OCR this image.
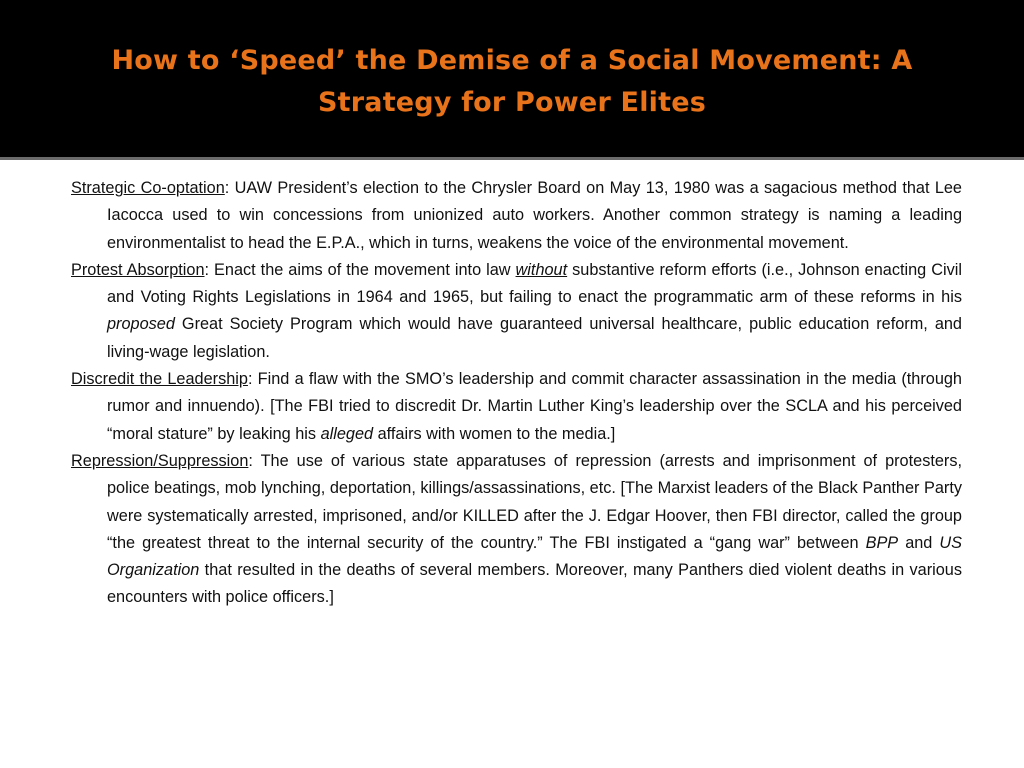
How to ‘Speed’ the Demise of a Social Movement: A Strategy for Power Elites

Strategic Co-optation: UAW President’s election to the Chrysler Board on May 13, 1980 was a sagacious method that Lee Iacocca used to win concessions from unionized auto workers. Another common strategy is naming a leading environmentalist to head the E.P.A., which in turns, weakens the voice of the environmental movement.

Protest Absorption: Enact the aims of the movement into law without substantive reform efforts (i.e., Johnson enacting Civil and Voting Rights Legislations in 1964 and 1965, but failing to enact the programmatic arm of these reforms in his proposed Great Society Program which would have guaranteed universal healthcare, public education reform, and living-wage legislation.

Discredit the Leadership: Find a flaw with the SMO’s leadership and commit character assassination in the media (through rumor and innuendo). [The FBI tried to discredit Dr. Martin Luther King’s leadership over the SCLA and his perceived “moral stature” by leaking his alleged affairs with women to the media.]

Repression/Suppression: The use of various state apparatuses of repression (arrests and imprisonment of protesters, police beatings, mob lynching, deportation, killings/assassinations, etc. [The Marxist leaders of the Black Panther Party were systematically arrested, imprisoned, and/or KILLED after the J. Edgar Hoover, then FBI director, called the group “the greatest threat to the internal security of the country.” The FBI instigated a “gang war” between BPP and US Organization that resulted in the deaths of several members. Moreover, many Panthers died violent deaths in various encounters with police officers.]
